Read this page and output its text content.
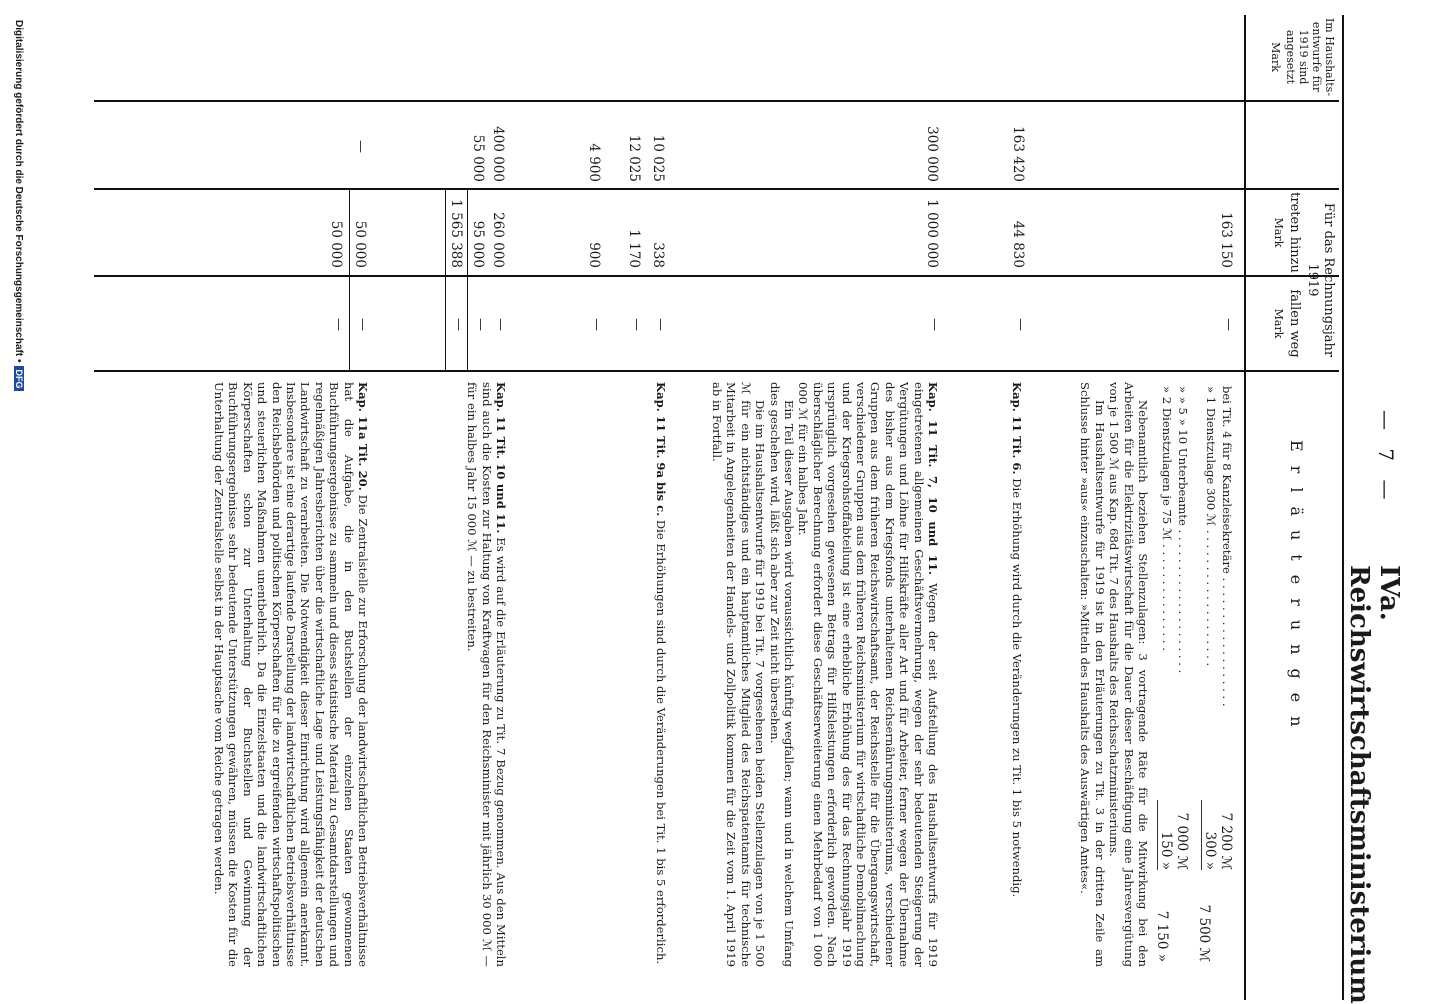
— 7 —
IVa. Reichswirtschaftsministerium
Im Haushalts-entwurfe für 1919 sind angesetzt
Mark
Für das Rechnungsjahr 1919
treten hinzu
Mark
fallen weg
Mark
Erläuterungen
163 150
—
bei Tit. 4 für 8 Kanzleisekretäre . . . . . . . . . . . . . . . . . .
7 200 ℳ
» 1 Dienstzulage 300 ℳ . . . . . . . . . . . . . . . . . . .
300 »
7 500 ℳ
» » 5 » 10 Unterbeamte . . . . . . . . . . . . . . . . . . . .
7 000 ℳ
» 2 Dienstzulagen je 75 ℳ . . . . . . . . . . . . . . .
150 »
7 150 »

Nebenamtlich beziehen Stellenzulagen: 3 vortragende Räte für die Mitwirkung bei den Arbeiten für die Elektrizitätswirtschaft für die Dauer dieser Beschäftigung eine Jahresvergütung von je 1 500 ℳ aus Kap. 68d Tit. 7 des Haushalts des Reichsschatzministeriums.

Im Haushaltsentwurfe für 1919 ist in den Erläuterungen zu Tit. 3 in der dritten Zeile am Schlusse hinter »aus« einzuschalten: »Mitteln des Haushalts des Auswärtigen Amtes«.

163 420
44 830
—

Kap. 11 Tit. 6. Die Erhöhung wird durch die Veränderungen zu Tit. 1 bis 5 notwendig.

300 000
1 000 000
—

Kap. 11 Tit. 7, 10 und 11. Wegen der seit Aufstellung des Haushaltsentwurfs für 1919 eingetretenen allgemeinen Geschäftsvermehrung, wegen der sehr bedeutenden Steigerung der Vergütungen und Löhne für Hilfskräfte aller Art und für Arbeiter, ferner wegen der Übernahme des bisher aus dem Kriegsfonds unterhaltenen Reichsernährungsministeriums, verschiedener Gruppen aus dem früheren Reichswirtschaftsamt, der Reichsstelle für die Übergangswirtschaft, verschiedener Gruppen aus dem früheren Reichsministerium für wirtschaftliche Demobilmachung und der Kriegsrohstoffabteilung ist eine erhebliche Erhöhung des für das Rechnungsjahr 1919 ursprünglich vorgesehen gewesenen Betrags für Hilfsleistungen erforderlich geworden. Nach überschläglicher Berechnung erfordert diese Geschäftserweiterung einen Mehrbedarf von 1 000 000 ℳ für ein halbes Jahr.

Ein Teil dieser Ausgaben wird voraussichtlich künftig wegfallen; wann und in welchem Umfang dies geschehen wird, läßt sich aber zur Zeit nicht übersehen.

Die im Haushaltsentwurfe für 1919 bei Tit. 7 vorgesehenen beiden Stellenzulagen von je 1 500 ℳ für ein nichtständiges und ein hauptamtliches Mitglied des Reichspatentamts für technische Mitarbeit in Angelegenheiten der Handels- und Zollpolitik kommen für die Zeit vom 1. April 1919 ab in Fortfall.

10 025
338
—
12 025
1 170
—
4 900
900
—

Kap. 11 Tit. 9a bis c. Die Erhöhungen sind durch die Veränderungen bei Tit. 1 bis 5 erforderlich.

400 000
260 000
—
55 000
95 000
—
1 565 388
—

Kap. 11 Tit. 10 und 11. Es wird auf die Erläuterung zu Tit. 7 Bezug genommen. Aus den Mitteln sind auch die Kosten zur Haltung von Kraftwagen für den Reichsminister mit jährlich 30 000 ℳ — für ein halbes Jahr 15 000 ℳ — zu bestreiten.

—
50 000
—
50 000
—

Kap. 11a Tit. 20. Die Zentralstelle zur Erforschung der landwirtschaftlichen Betriebsverhältnisse hat die Aufgabe, die in den Buchstellen der einzelnen Staaten gewonnenen Buchführungsergebnisse zu sammeln und dieses statistische Material zu Gesamtdarstellungen und regelmäßigen Jahresberichten über die wirtschaftliche Lage und Leistungsfähigkeit der deutschen Landwirtschaft zu verarbeiten. Die Notwendigkeit dieser Einrichtung wird allgemein anerkannt. Insbesondere ist eine derartige laufende Darstellung der landwirtschaftlichen Betriebsverhältnisse den Reichsbehörden und politischen Körperschaften für die zu ergreifenden wirtschaftspolitischen und steuerlichen Maßnahmen unentbehrlich. Da die Einzelstaaten und die landwirtschaftlichen Körperschaften schon zur Unterhaltung der Buchstellen und Gewinnung der Buchführungsergebnisse sehr bedeutende Unterstützungen gewähren, müssen die Kosten für die Unterhaltung der Zentralstelle selbst in der Hauptsache vom Reiche getragen werden.

Digitalisierung gefördert durch die Deutsche Forschungsgemeinschaft •DFG
